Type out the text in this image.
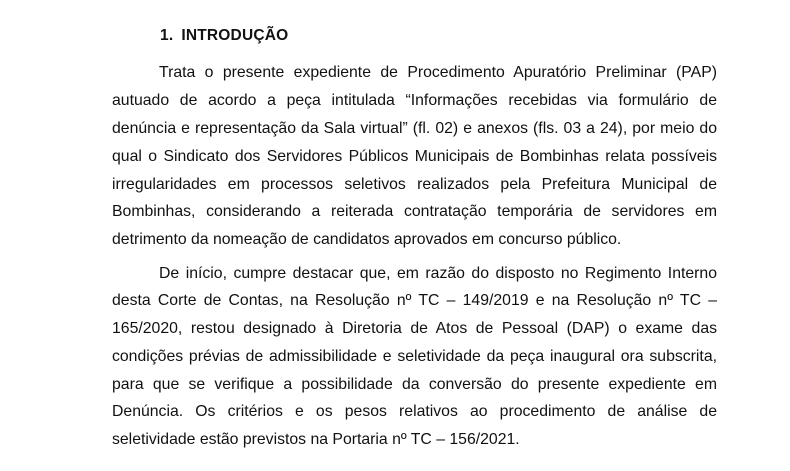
1. INTRODUÇÃO
Trata o presente expediente de Procedimento Apuratório Preliminar (PAP)
autuado de acordo a peça intitulada “Informações recebidas via formulário de
denúncia e representação da Sala virtual” (fl. 02) e anexos (fls. 03 a 24), por meio do
qual o Sindicato dos Servidores Públicos Municipais de Bombinhas relata possíveis
irregularidades em processos seletivos realizados pela Prefeitura Municipal de
Bombinhas, considerando a reiterada contratação temporária de servidores em
detrimento da nomeação de candidatos aprovados em concurso público.
De início, cumpre destacar que, em razão do disposto no Regimento Interno
desta Corte de Contas, na Resolução nº TC – 149/2019 e na Resolução nº TC –
165/2020, restou designado à Diretoria de Atos de Pessoal (DAP) o exame das
condições prévias de admissibilidade e seletividade da peça inaugural ora subscrita,
para que se verifique a possibilidade da conversão do presente expediente em
Denúncia. Os critérios e os pesos relativos ao procedimento de análise de
seletividade estão previstos na Portaria nº TC – 156/2021.
